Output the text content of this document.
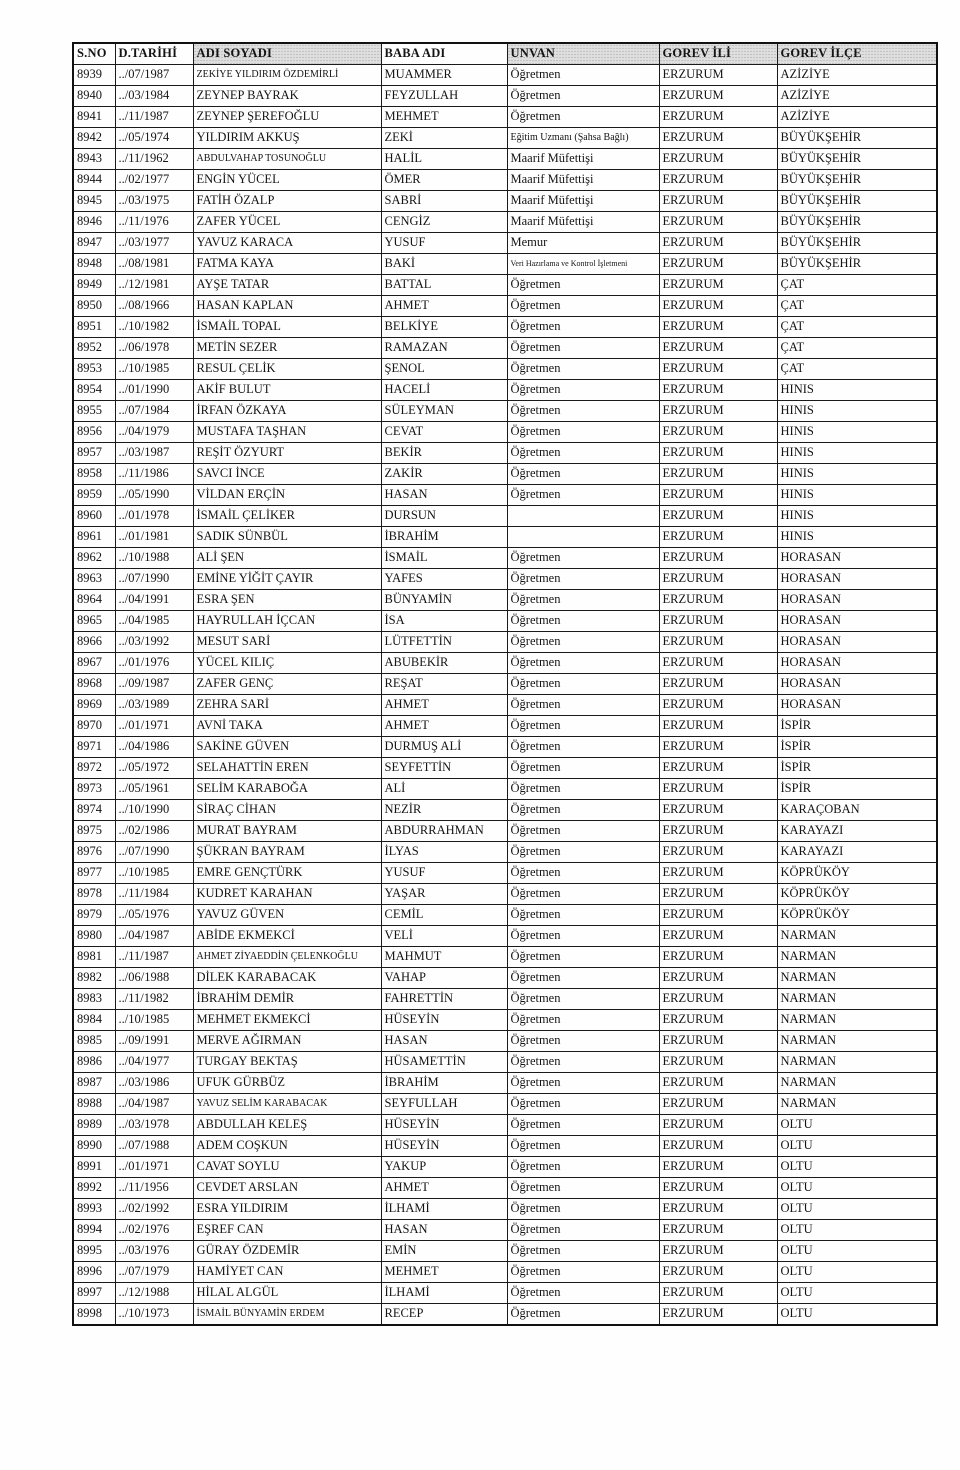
S.NO	D.TARİHİ	ADI SOYADI	BABA ADI	UNVAN	GOREV İLİ	GOREV İLÇE
8939	../07/1987	ZEKİYE YILDIRIM ÖZDEMİRLİ	MUAMMER	Öğretmen	ERZURUM	AZİZİYE
8940	../03/1984	ZEYNEP BAYRAK	FEYZULLAH	Öğretmen	ERZURUM	AZİZİYE
8941	../11/1987	ZEYNEP ŞEREFOĞLU	MEHMET	Öğretmen	ERZURUM	AZİZİYE
8942	../05/1974	YILDIRIM AKKUŞ	ZEKİ	Eğitim Uzmanı (Şahsa Bağlı)	ERZURUM	BÜYÜKŞEHİR
8943	../11/1962	ABDULVAHAP TOSUNOĞLU	HALİL	Maarif Müfettişi	ERZURUM	BÜYÜKŞEHİR
8944	../02/1977	ENGİN YÜCEL	ÖMER	Maarif Müfettişi	ERZURUM	BÜYÜKŞEHİR
8945	../03/1975	FATİH ÖZALP	SABRİ	Maarif Müfettişi	ERZURUM	BÜYÜKŞEHİR
8946	../11/1976	ZAFER YÜCEL	CENGİZ	Maarif Müfettişi	ERZURUM	BÜYÜKŞEHİR
8947	../03/1977	YAVUZ KARACA	YUSUF	Memur	ERZURUM	BÜYÜKŞEHİR
8948	../08/1981	FATMA KAYA	BAKİ	Veri Hazırlama ve Kontrol İşletmeni	ERZURUM	BÜYÜKŞEHİR
8949	../12/1981	AYŞE TATAR	BATTAL	Öğretmen	ERZURUM	ÇAT
8950	../08/1966	HASAN KAPLAN	AHMET	Öğretmen	ERZURUM	ÇAT
8951	../10/1982	İSMAİL TOPAL	BELKİYE	Öğretmen	ERZURUM	ÇAT
8952	../06/1978	METİN SEZER	RAMAZAN	Öğretmen	ERZURUM	ÇAT
8953	../10/1985	RESUL ÇELİK	ŞENOL	Öğretmen	ERZURUM	ÇAT
8954	../01/1990	AKİF BULUT	HACELİ	Öğretmen	ERZURUM	HINIS
8955	../07/1984	İRFAN ÖZKAYA	SÜLEYMAN	Öğretmen	ERZURUM	HINIS
8956	../04/1979	MUSTAFA TAŞHAN	CEVAT	Öğretmen	ERZURUM	HINIS
8957	../03/1987	REŞİT ÖZYURT	BEKİR	Öğretmen	ERZURUM	HINIS
8958	../11/1986	SAVCI İNCE	ZAKİR	Öğretmen	ERZURUM	HINIS
8959	../05/1990	VİLDAN ERÇİN	HASAN	Öğretmen	ERZURUM	HINIS
8960	../01/1978	İSMAİL ÇELİKER	DURSUN		ERZURUM	HINIS
8961	../01/1981	SADIK SÜNBÜL	İBRAHİM		ERZURUM	HINIS
8962	../10/1988	ALİ ŞEN	İSMAİL	Öğretmen	ERZURUM	HORASAN
8963	../07/1990	EMİNE YİĞİT ÇAYIR	YAFES	Öğretmen	ERZURUM	HORASAN
8964	../04/1991	ESRA ŞEN	BÜNYAMİN	Öğretmen	ERZURUM	HORASAN
8965	../04/1985	HAYRULLAH İÇCAN	İSA	Öğretmen	ERZURUM	HORASAN
8966	../03/1992	MESUT SARİ	LÜTFETTİN	Öğretmen	ERZURUM	HORASAN
8967	../01/1976	YÜCEL KILIÇ	ABUBEKİR	Öğretmen	ERZURUM	HORASAN
8968	../09/1987	ZAFER GENÇ	REŞAT	Öğretmen	ERZURUM	HORASAN
8969	../03/1989	ZEHRA SARİ	AHMET	Öğretmen	ERZURUM	HORASAN
8970	../01/1971	AVNİ TAKA	AHMET	Öğretmen	ERZURUM	İSPİR
8971	../04/1986	SAKİNE GÜVEN	DURMUŞ ALİ	Öğretmen	ERZURUM	İSPİR
8972	../05/1972	SELAHATTİN EREN	SEYFETTİN	Öğretmen	ERZURUM	İSPİR
8973	../05/1961	SELİM KARABOĞA	ALİ	Öğretmen	ERZURUM	İSPİR
8974	../10/1990	SİRAÇ CİHAN	NEZİR	Öğretmen	ERZURUM	KARAÇOBAN
8975	../02/1986	MURAT BAYRAM	ABDURRAHMAN	Öğretmen	ERZURUM	KARAYAZI
8976	../07/1990	ŞÜKRAN BAYRAM	İLYAS	Öğretmen	ERZURUM	KARAYAZI
8977	../10/1985	EMRE GENÇTÜRK	YUSUF	Öğretmen	ERZURUM	KÖPRÜKÖY
8978	../11/1984	KUDRET KARAHAN	YAŞAR	Öğretmen	ERZURUM	KÖPRÜKÖY
8979	../05/1976	YAVUZ GÜVEN	CEMİL	Öğretmen	ERZURUM	KÖPRÜKÖY
8980	../04/1987	ABİDE EKMEKCİ	VELİ	Öğretmen	ERZURUM	NARMAN
8981	../11/1987	AHMET ZİYAEDDİN ÇELENKOĞLU	MAHMUT	Öğretmen	ERZURUM	NARMAN
8982	../06/1988	DİLEK KARABACAK	VAHAP	Öğretmen	ERZURUM	NARMAN
8983	../11/1982	İBRAHİM DEMİR	FAHRETTİN	Öğretmen	ERZURUM	NARMAN
8984	../10/1985	MEHMET EKMEKCİ	HÜSEYİN	Öğretmen	ERZURUM	NARMAN
8985	../09/1991	MERVE AĞIRMAN	HASAN	Öğretmen	ERZURUM	NARMAN
8986	../04/1977	TURGAY BEKTAŞ	HÜSAMETTİN	Öğretmen	ERZURUM	NARMAN
8987	../03/1986	UFUK GÜRBÜZ	İBRAHİM	Öğretmen	ERZURUM	NARMAN
8988	../04/1987	YAVUZ SELİM KARABACAK	SEYFULLAH	Öğretmen	ERZURUM	NARMAN
8989	../03/1978	ABDULLAH KELEŞ	HÜSEYİN	Öğretmen	ERZURUM	OLTU
8990	../07/1988	ADEM COŞKUN	HÜSEYİN	Öğretmen	ERZURUM	OLTU
8991	../01/1971	CAVAT SOYLU	YAKUP	Öğretmen	ERZURUM	OLTU
8992	../11/1956	CEVDET ARSLAN	AHMET	Öğretmen	ERZURUM	OLTU
8993	../02/1992	ESRA YILDIRIM	İLHAMİ	Öğretmen	ERZURUM	OLTU
8994	../02/1976	EŞREF CAN	HASAN	Öğretmen	ERZURUM	OLTU
8995	../03/1976	GÜRAY ÖZDEMİR	EMİN	Öğretmen	ERZURUM	OLTU
8996	../07/1979	HAMİYET CAN	MEHMET	Öğretmen	ERZURUM	OLTU
8997	../12/1988	HİLAL ALGÜL	İLHAMİ	Öğretmen	ERZURUM	OLTU
8998	../10/1973	İSMAİL BÜNYAMİN ERDEM	RECEP	Öğretmen	ERZURUM	OLTU
